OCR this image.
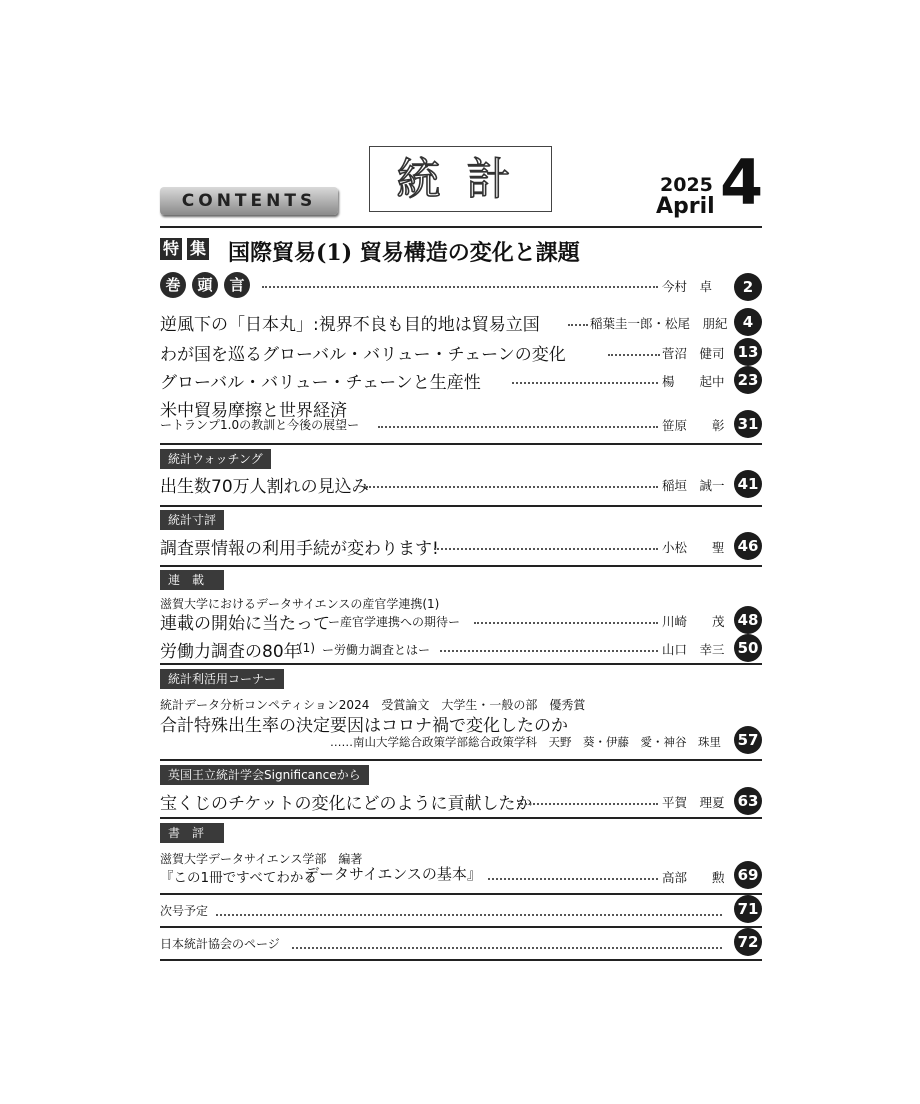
CONTENTS	統計	2025
April 4
特 集 国際貿易(1) 貿易構造の変化と課題
巻	頭	言	今村　卓	2
逆風下の「日本丸」:視界不良も目的地は貿易立国	稲葉圭一郎・松尾　朋紀	4
わが国を巡るグローバル・バリュー・チェーンの変化	菅沼　健司 13
グローバル・バリュー・チェーンと生産性	楊　　起中 23
米中貿易摩擦と世界経済
ートランプ1.0の教訓と今後の展望ー	笹原　　彰 31
統計ウォッチング
出生数70万人割れの見込み	稲垣　誠一 41
統計寸評
調査票情報の利用手続が変わります!	小松　　聖 46
連　載
滋賀大学におけるデータサイエンスの産官学連携(1)
連載の開始に当たって
ー産官学連携への期待ー	川崎　　茂 48
労働力調査の80年
(1) ー労働力調査とはー	山口　幸三 50
統計利活用コーナー
統計データ分析コンペティション2024　受賞論文　大学生・一般の部　優秀賞
合計特殊出生率の決定要因はコロナ禍で変化したのか
……南山大学総合政策学部総合政策学科　天野　葵・伊藤　愛・神谷　珠里 57
英国王立統計学会Significanceから
宝くじのチケットの変化にどのように貢献したか	平賀　理夏 63
書　評
滋賀大学データサイエンス学部　編著
『この1冊ですべてわかる
データサイエンスの基本』	高部　　勲 69
次号予定	71
日本統計協会のページ	72
